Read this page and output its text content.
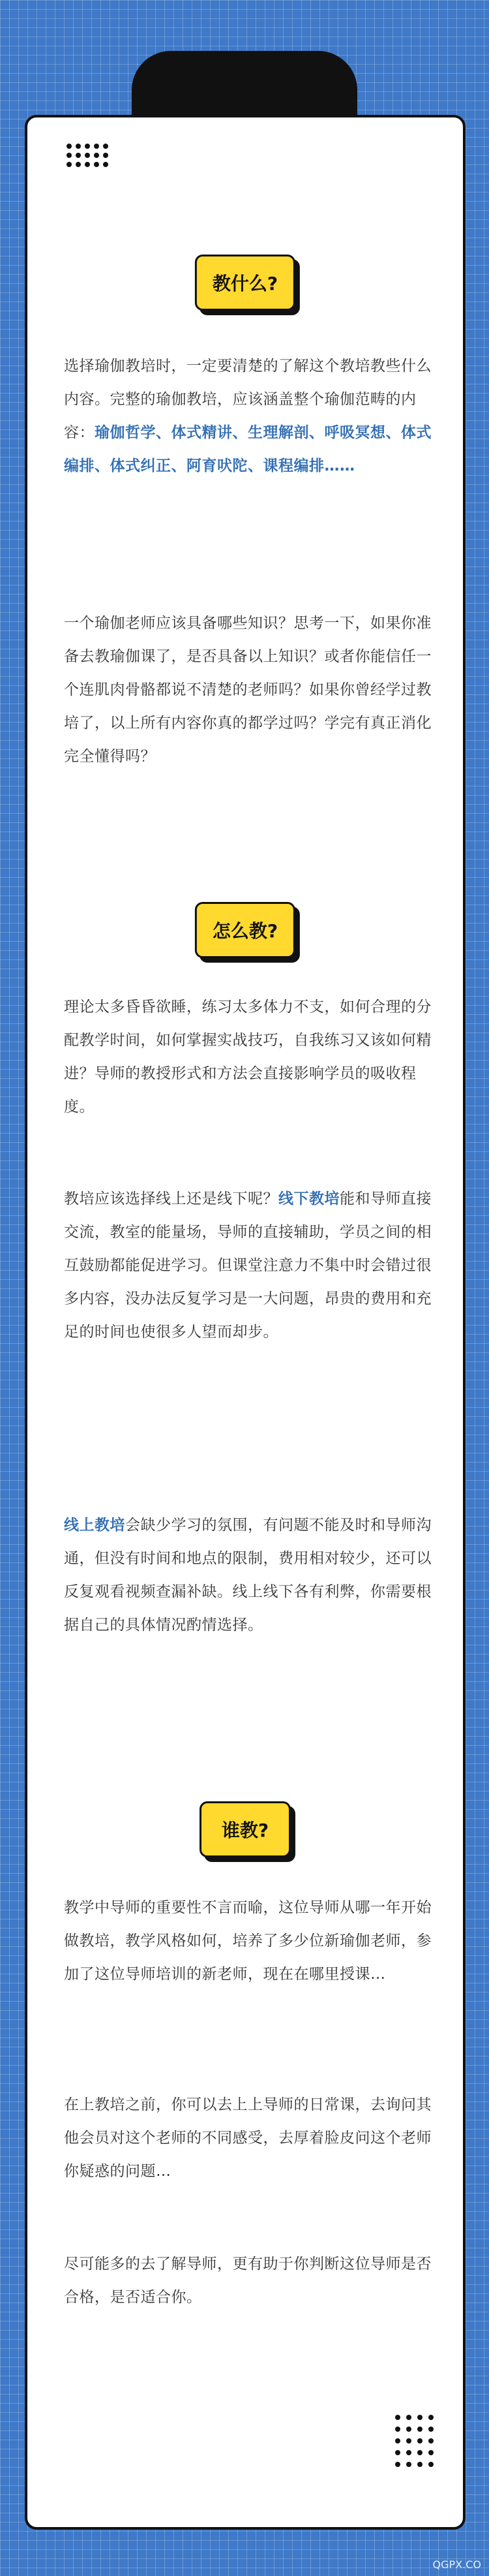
教什么?

选择瑜伽教培时，一定要清楚的了解这个教培教些什么内容。完整的瑜伽教培，应该涵盖整个瑜伽范畴的内容：瑜伽哲学、体式精讲、生理解剖、呼吸冥想、体式编排、体式纠正、阿育吠陀、课程编排……

一个瑜伽老师应该具备哪些知识？思考一下，如果你准备去教瑜伽课了，是否具备以上知识？或者你能信任一个连肌肉骨骼都说不清楚的老师吗？如果你曾经学过教培了，以上所有内容你真的都学过吗？学完有真正消化完全懂得吗？

怎么教?

理论太多昏昏欲睡，练习太多体力不支，如何合理的分配教学时间，如何掌握实战技巧，自我练习又该如何精进？导师的教授形式和方法会直接影响学员的吸收程度。

教培应该选择线上还是线下呢？线下教培能和导师直接交流，教室的能量场，导师的直接辅助，学员之间的相互鼓励都能促进学习。但课堂注意力不集中时会错过很多内容，没办法反复学习是一大问题，昂贵的费用和充足的时间也使很多人望而却步。

线上教培会缺少学习的氛围，有问题不能及时和导师沟通，但没有时间和地点的限制，费用相对较少，还可以反复观看视频查漏补缺。线上线下各有利弊，你需要根据自己的具体情况酌情选择。

谁教?

教学中导师的重要性不言而喻，这位导师从哪一年开始做教培，教学风格如何，培养了多少位新瑜伽老师，参加了这位导师培训的新老师，现在在哪里授课…

在上教培之前，你可以去上上导师的日常课，去询问其他会员对这个老师的不同感受，去厚着脸皮问这个老师你疑惑的问题…

尽可能多的去了解导师，更有助于你判断这位导师是否合格，是否适合你。

QGPX.CO
